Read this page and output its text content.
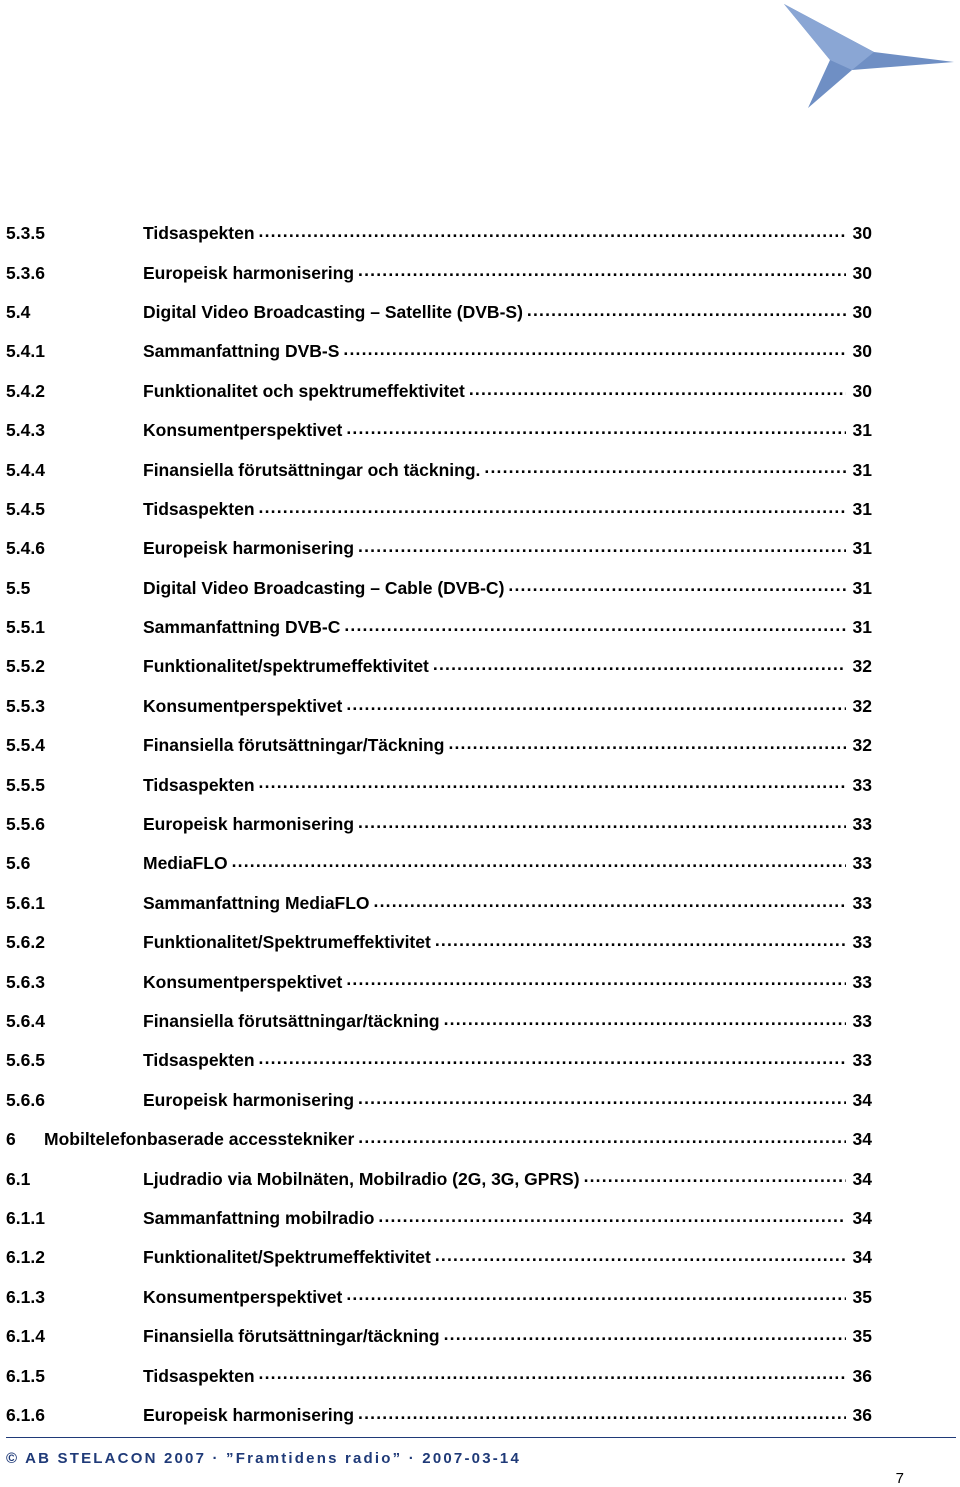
5.3.5	Tidsaspekten .....	30
5.3.6	Europeisk harmonisering .....	30
5.4	Digital Video Broadcasting – Satellite (DVB-S) .....	30
5.4.1	Sammanfattning DVB-S .....	30
5.4.2	Funktionalitet och spektrumeffektivitet .....	30
5.4.3	Konsumentperspektivet .....	31
5.4.4	Finansiella förutsättningar och täckning. .....	31
5.4.5	Tidsaspekten .....	31
5.4.6	Europeisk harmonisering .....	31
5.5	Digital Video Broadcasting – Cable (DVB-C) .....	31
5.5.1	Sammanfattning DVB-C .....	31
5.5.2	Funktionalitet/spektrumeffektivitet .....	32
5.5.3	Konsumentperspektivet .....	32
5.5.4	Finansiella förutsättningar/Täckning .....	32
5.5.5	Tidsaspekten .....	33
5.5.6	Europeisk harmonisering .....	33
5.6	MediaFLO .....	33
5.6.1	Sammanfattning MediaFLO .....	33
5.6.2	Funktionalitet/Spektrumeffektivitet .....	33
5.6.3	Konsumentperspektivet .....	33
5.6.4	Finansiella förutsättningar/täckning .....	33
5.6.5	Tidsaspekten .....	33
5.6.6	Europeisk harmonisering .....	34
6	Mobiltelefonbaserade accesstekniker .....	34
6.1	Ljudradio via Mobilnäten, Mobilradio (2G, 3G, GPRS) .....	34
6.1.1	Sammanfattning mobilradio .....	34
6.1.2	Funktionalitet/Spektrumeffektivitet .....	34
6.1.3	Konsumentperspektivet .....	35
6.1.4	Finansiella förutsättningar/täckning .....	35
6.1.5	Tidsaspekten .....	36
6.1.6	Europeisk harmonisering .....	36
© AB STELACON 2007 · ”Framtidens radio” · 2007-03-14
7
